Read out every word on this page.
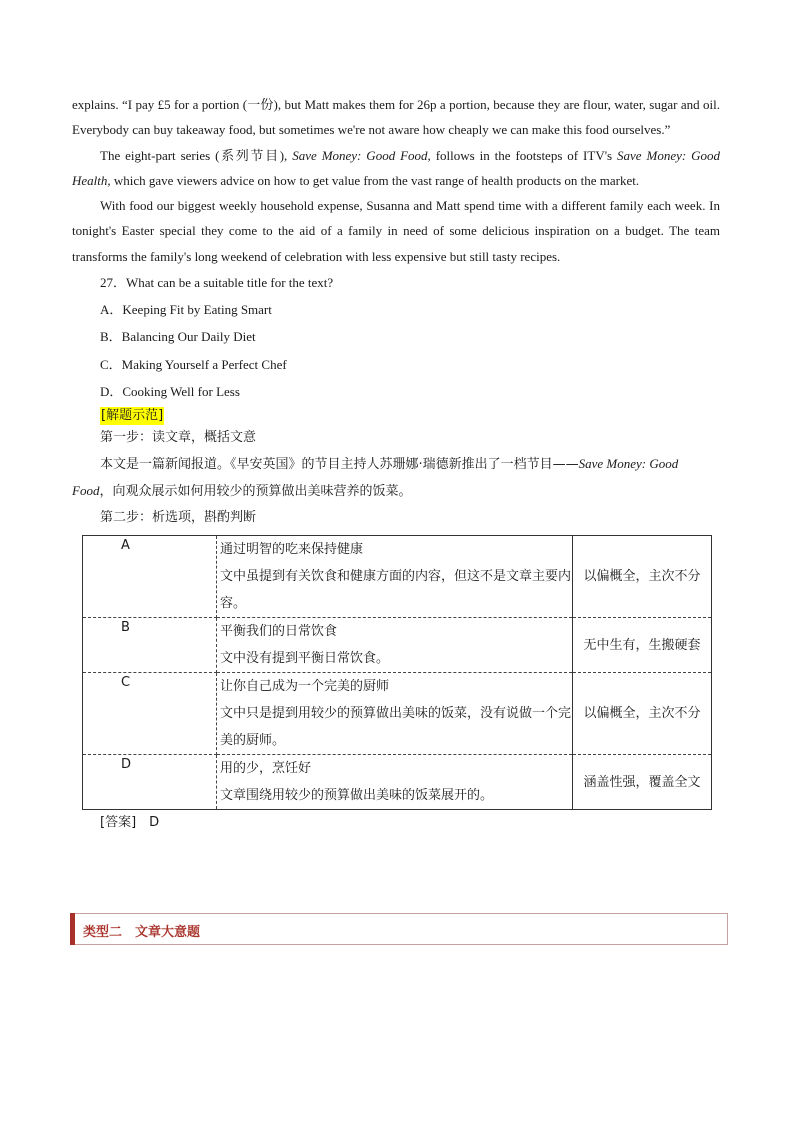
explains. “I pay £5 for a portion (一份), but Matt makes them for 26p a portion, because they are flour, water, sugar and oil. Everybody can buy takeaway food, but sometimes we're not aware how cheaply we can make this food ourselves.”

The eight-part series (系列节目), Save Money: Good Food, follows in the footsteps of ITV's Save Money: Good Health, which gave viewers advice on how to get value from the vast range of health products on the market.

With food our biggest weekly household expense, Susanna and Matt spend time with a different family each week. In tonight's Easter special they come to the aid of a family in need of some delicious inspiration on a budget. The team transforms the family's long weekend of celebration with less expensive but still tasty recipes.

27．What can be a suitable title for the text?

A．Keeping Fit by Eating Smart

B．Balancing Our Daily Diet

C．Making Yourself a Perfect Chef

D．Cooking Well for Less

[解题示范]

第一步：读文章，概括文意

本文是一篇新闻报道。《早安英国》的节目主持人苏珊娜·瑞德新推出了一档节目——Save Money: Good Food，向观众展示如何用较少的预算做出美味营养的饭菜。

第二步：析选项，斟酌判断

A	通过明智的吃来保持健康
文中虽提到有关饮食和健康方面的内容，但这不是文章主要内容。	以偏概全，主次不分
B	平衡我们的日常饮食
文中没有提到平衡日常饮食。	无中生有，生搬硬套
C	让你自己成为一个完美的厨师
文中只是提到用较少的预算做出美味的饭菜，没有说做一个完美的厨师。	以偏概全，主次不分
D	用的少，烹饪好
文章围绕用较少的预算做出美味的饭菜展开的。	涵盖性强，覆盖全文

[答案]　D

类型二　文章大意题
